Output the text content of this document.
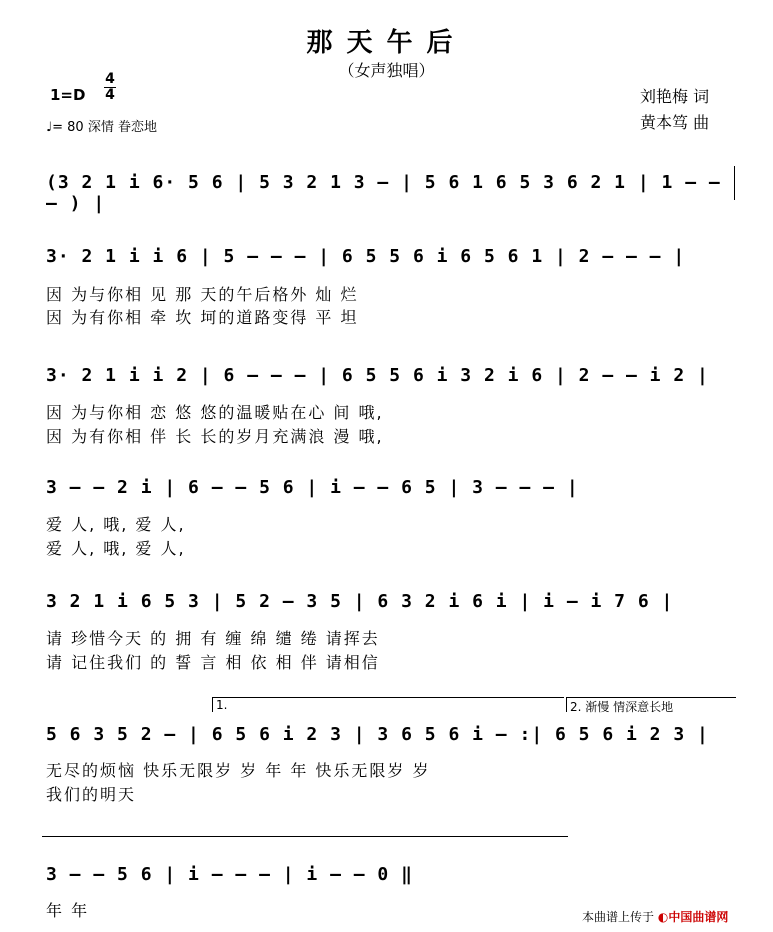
那天午后
（女声独唱）
1=D
4
4
♩= 80 深情 眷恋地
刘艳梅 词
黄本笃 曲
(3 2 1 i 6· 5 6 | 5 3 2 1 3 – | 5 6 1 6 5 3 6 2 1 | 1 – – – ) |
3· 2 1 i i 6 | 5 – – – | 6 5 5 6 i 6 5 6 1 | 2 – – – |
因 为与你相 见 那 天的午后格外 灿 烂
因 为有你相 牵 坎 坷的道路变得 平 坦
3· 2 1 i i 2 | 6 – – – | 6 5 5 6 i 3 2 i 6 | 2 – – i 2 |
因 为与你相 恋 悠 悠的温暖贴在心 间 哦,
因 为有你相 伴 长 长的岁月充满浪 漫 哦,
3 – – 2 i | 6 – – 5 6 | i – – 6 5 | 3 – – – |
爱 人, 哦, 爱 人,
爱 人, 哦, 爱 人,
3 2 1 i 6 5 3 | 5 2 – 3 5 | 6 3 2 i 6 i | i – i 7 6 |
请 珍惜今天 的 拥 有 缠 绵 缱 绻 请挥去
请 记住我们 的 誓 言 相 依 相 伴 请相信
1.	2. 渐慢 情深意长地
5 6 3 5 2 – | 6 5 6 i 2 3 | 3 6 5 6 i – :| 6 5 6 i 2 3 |
无尽的烦恼 快乐无限岁 岁 年 年 快乐无限岁 岁
我们的明天
3 – – 5 6 | i – – – | i – – 0 ‖
年 年	本曲谱上传于 ◐中国曲谱网
